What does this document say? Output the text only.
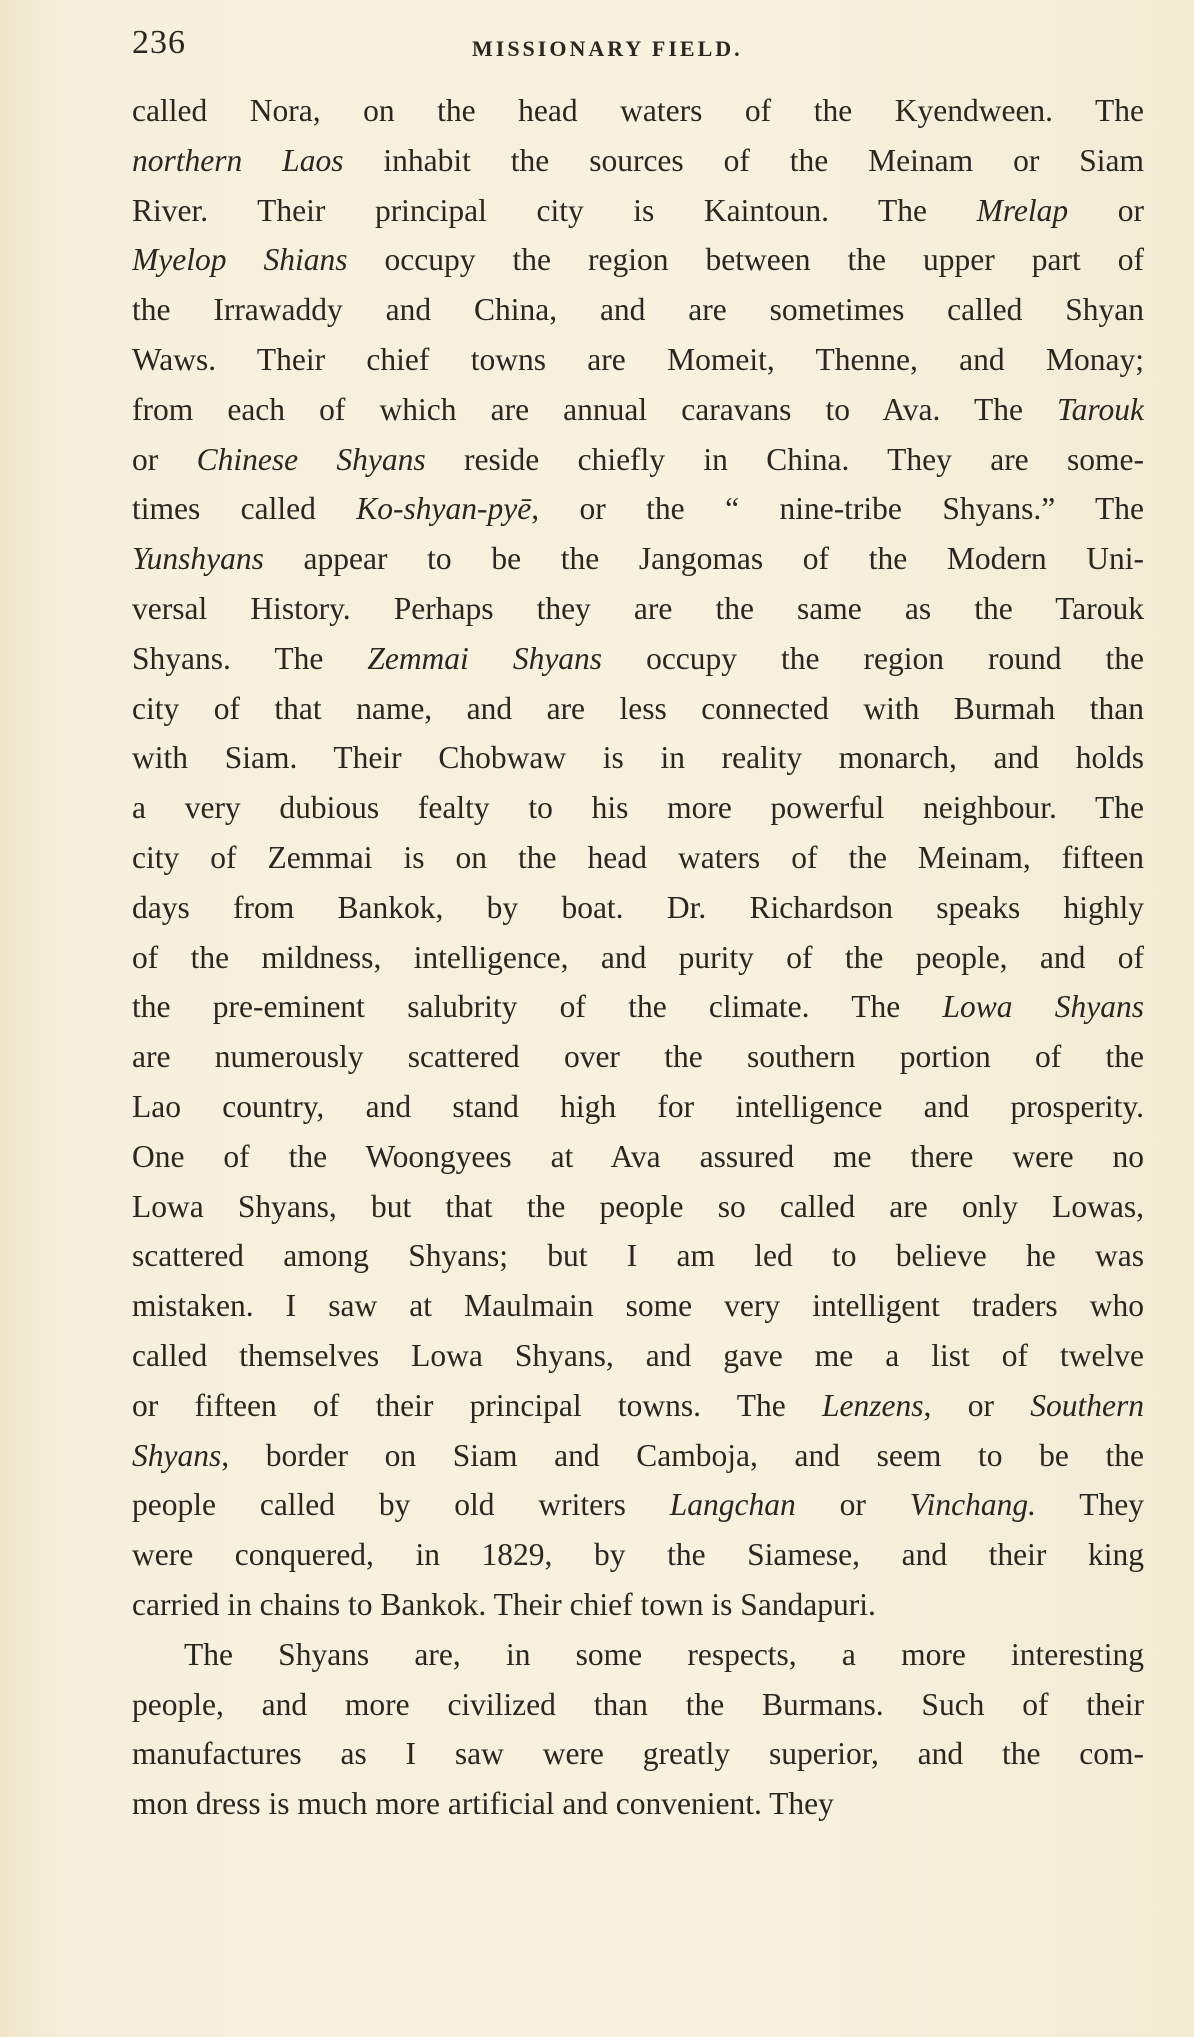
236	MISSIONARY FIELD.
called Nora, on the head waters of the Kyendween. The
northern Laos inhabit the sources of the Meinam or Siam
River. Their principal city is Kaintoun. The Mrelap or
Myelop Shians occupy the region between the upper part of
the Irrawaddy and China, and are sometimes called Shyan
Waws. Their chief towns are Momeit, Thenne, and Monay;
from each of which are annual caravans to Ava. The Tarouk
or Chinese Shyans reside chiefly in China. They are some-
times called Ko-shyan-pyē, or the “ nine-tribe Shyans.” The
Yunshyans appear to be the Jangomas of the Modern Uni-
versal History. Perhaps they are the same as the Tarouk
Shyans. The Zemmai Shyans occupy the region round the
city of that name, and are less connected with Burmah than
with Siam. Their Chobwaw is in reality monarch, and holds
a very dubious fealty to his more powerful neighbour. The
city of Zemmai is on the head waters of the Meinam, fifteen
days from Bankok, by boat. Dr. Richardson speaks highly
of the mildness, intelligence, and purity of the people, and of
the pre-eminent salubrity of the climate. The Lowa Shyans
are numerously scattered over the southern portion of the
Lao country, and stand high for intelligence and prosperity.
One of the Woongyees at Ava assured me there were no
Lowa Shyans, but that the people so called are only Lowas,
scattered among Shyans; but I am led to believe he was
mistaken. I saw at Maulmain some very intelligent traders who
called themselves Lowa Shyans, and gave me a list of twelve
or fifteen of their principal towns. The Lenzens, or Southern
Shyans, border on Siam and Camboja, and seem to be the
people called by old writers Langchan or Vinchang. They
were conquered, in 1829, by the Siamese, and their king
carried in chains to Bankok. Their chief town is Sandapuri.
The Shyans are, in some respects, a more interesting
people, and more civilized than the Burmans. Such of their
manufactures as I saw were greatly superior, and the com-
mon dress is much more artificial and convenient. They
